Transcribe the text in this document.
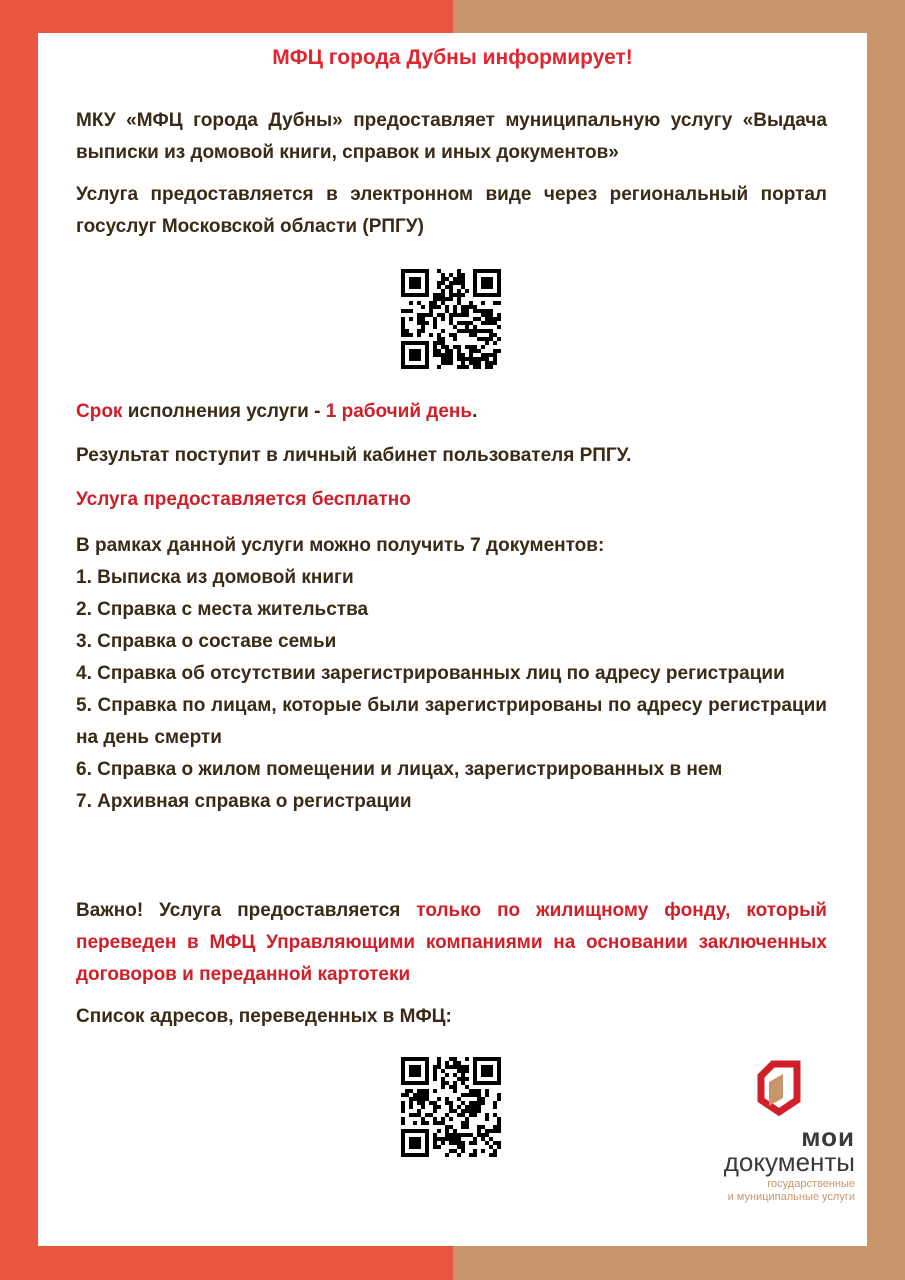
МФЦ города Дубны информирует!
МКУ «МФЦ города Дубны» предоставляет муниципальную услугу «Выдача выписки из домовой книги, справок и иных документов»
Услуга предоставляется в электронном виде через региональный портал госуслуг Московской области (РПГУ)
Срок исполнения услуги - 1 рабочий день.
Результат поступит в личный кабинет пользователя РПГУ.
Услуга предоставляется бесплатно
В рамках данной услуги можно получить 7 документов:
1. Выписка из домовой книги
2. Справка с места жительства
3. Справка о составе семьи
4. Справка об отсутствии зарегистрированных лиц по адресу регистрации
5. Справка по лицам, которые были зарегистрированы по адресу регистрации на день смерти
6. Справка о жилом помещении и лицах, зарегистрированных в нем
7. Архивная справка о регистрации
Важно! Услуга предоставляется только по жилищному фонду, который переведен в МФЦ Управляющими компаниями на основании заключенных договоров и переданной картотеки
Список адресов, переведенных в МФЦ:
мои
документы
государственные
и муниципальные услуги
